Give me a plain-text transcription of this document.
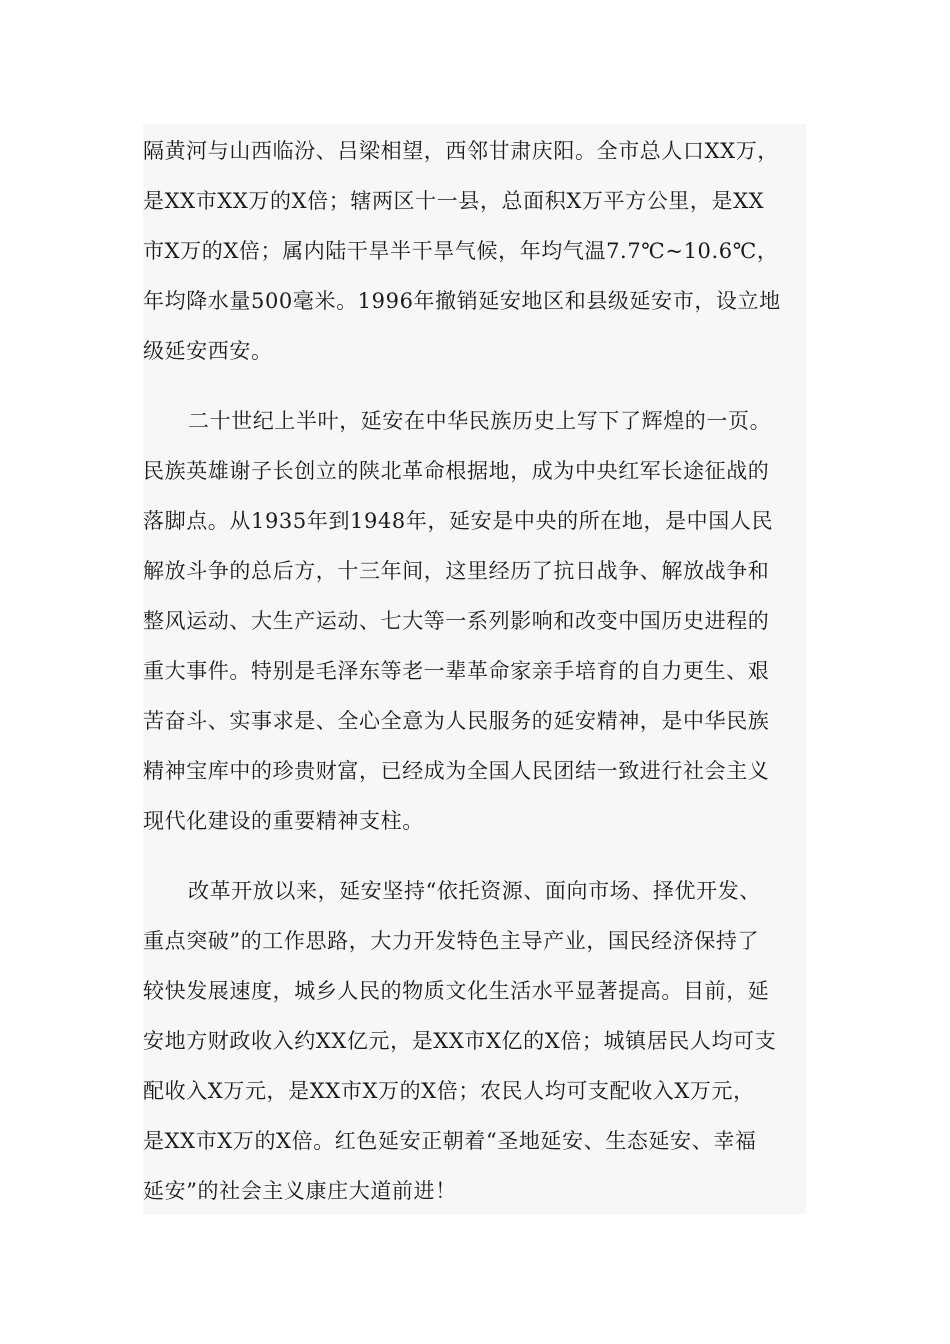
隔黄河与山西临汾、吕梁相望，西邻甘肃庆阳。全市总人口XX万，
是XX市XX万的X倍；辖两区十一县，总面积X万平方公里，是XX
市X万的X倍；属内陆干旱半干旱气候，年均气温7.7℃~10.6℃，
年均降水量500毫米。1996年撤销延安地区和县级延安市，设立地
级延安西安。

二十世纪上半叶，延安在中华民族历史上写下了辉煌的一页。
民族英雄谢子长创立的陕北革命根据地，成为中央红军长途征战的
落脚点。从1935年到1948年，延安是中央的所在地，是中国人民
解放斗争的总后方，十三年间，这里经历了抗日战争、解放战争和
整风运动、大生产运动、七大等一系列影响和改变中国历史进程的
重大事件。特别是毛泽东等老一辈革命家亲手培育的自力更生、艰
苦奋斗、实事求是、全心全意为人民服务的延安精神，是中华民族
精神宝库中的珍贵财富，已经成为全国人民团结一致进行社会主义
现代化建设的重要精神支柱。

改革开放以来，延安坚持“依托资源、面向市场、择优开发、
重点突破”的工作思路，大力开发特色主导产业，国民经济保持了
较快发展速度，城乡人民的物质文化生活水平显著提高。目前，延
安地方财政收入约XX亿元，是XX市X亿的X倍；城镇居民人均可支
配收入X万元，是XX市X万的X倍；农民人均可支配收入X万元，
是XX市X万的X倍。红色延安正朝着“圣地延安、生态延安、幸福
延安”的社会主义康庄大道前进！
